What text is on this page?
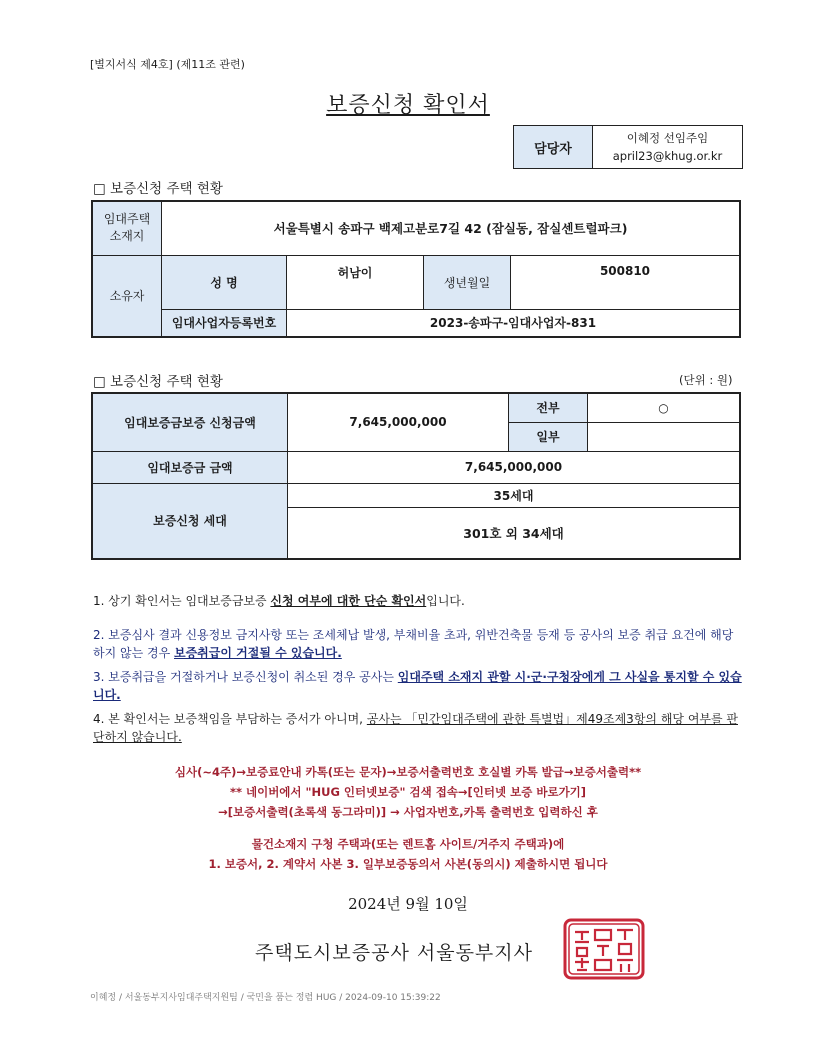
[별지서식 제4호] (제11조 관련)
보증신청 확인서
담당자
이혜정 선임주임
april23@khug.or.kr
□ 보증신청 주택 현황
임대주택
소재지	서울특별시 송파구 백제고분로7길 42 (잠실동, 잠실센트럴파크)			
소유자	성 명	허남이	생년월일	500810
	임대사업자등록번호	2023-송파구-임대사업자-831		
□ 보증신청 주택 현황	(단위 : 원)
임대보증금보증 신청금액	7,645,000,000	전부	○
		일부	
임대보증금 금액	7,645,000,000		
보증신청 세대	35세대		
	301호 외 34세대		
1. 상기 확인서는 임대보증금보증 신청 여부에 대한 단순 확인서입니다.
2. 보증심사 결과 신용정보 금지사항 또는 조세체납 발생, 부채비율 초과, 위반건축물 등재 등 공사의 보증 취급 요건에 해당하지 않는 경우 보증취급이 거절될 수 있습니다.
3. 보증취급을 거절하거나 보증신청이 취소된 경우 공사는 임대주택 소재지 관할 시·군·구청장에게 그 사실을 통지할 수 있습니다.
4. 본 확인서는 보증책임을 부담하는 증서가 아니며, 공사는 「민간임대주택에 관한 특별법」제49조제3항의 해당 여부를 판단하지 않습니다.
심사(~4주)→보증료안내 카톡(또는 문자)→보증서출력번호 호실별 카톡 발급→보증서출력**
** 네이버에서 "HUG 인터넷보증" 검색 접속→[인터넷 보증 바로가기]
→[보증서출력(초록색 동그라미)] → 사업자번호,카톡 출력번호 입력하신 후
물건소재지 구청 주택과(또는 렌트홈 사이트/거주지 주택과)에
1. 보증서, 2. 계약서 사본 3. 일부보증동의서 사본(동의시) 제출하시면 됩니다
2024년 9월 10일
주택도시보증공사 서울동부지사
이혜정 / 서울동부지사임대주택지원팀 / 국민을 품는 정렴 HUG / 2024-09-10 15:39:22
